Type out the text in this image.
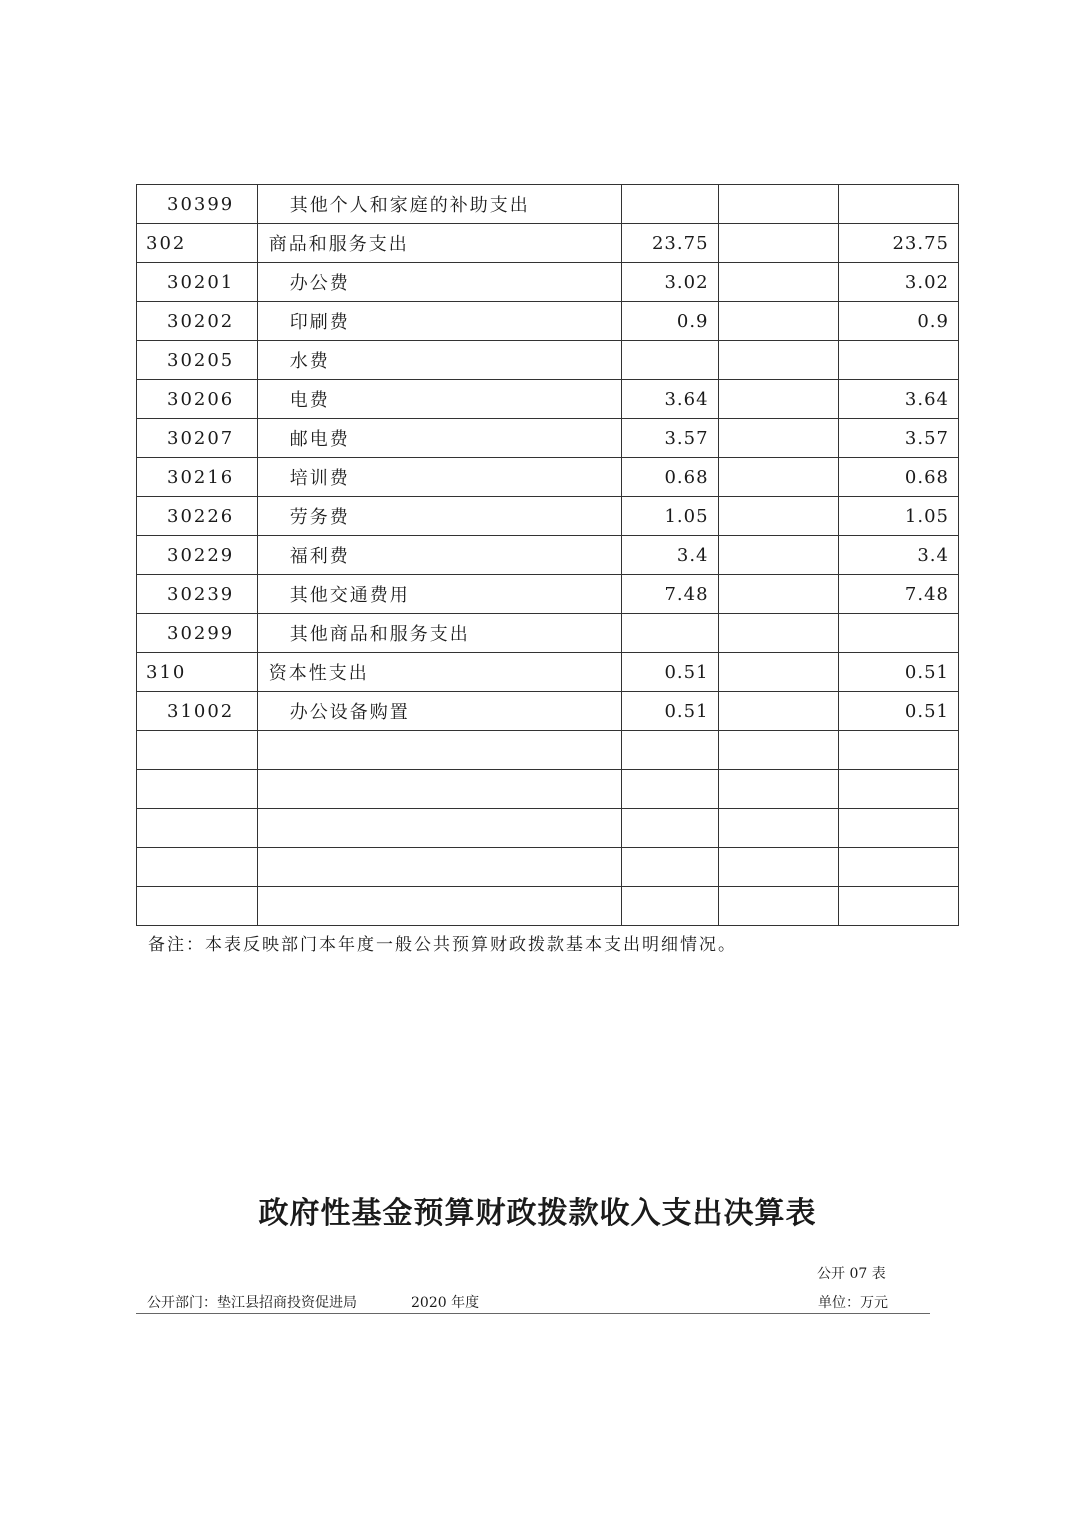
30399	其他个人和家庭的补助支出			
302	商品和服务支出	23.75		23.75
30201	办公费	3.02		3.02
30202	印刷费	0.9		0.9
30205	水费			
30206	电费	3.64		3.64
30207	邮电费	3.57		3.57
30216	培训费	0.68		0.68
30226	劳务费	1.05		1.05
30229	福利费	3.4		3.4
30239	其他交通费用	7.48		7.48
30299	其他商品和服务支出			
310	资本性支出	0.51		0.51
31002	办公设备购置	0.51		0.51

备注：本表反映部门本年度一般公共预算财政拨款基本支出明细情况。
政府性基金预算财政拨款收入支出决算表
公开 07 表
公开部门：垫江县招商投资促进局	2020 年度	单位：万元
